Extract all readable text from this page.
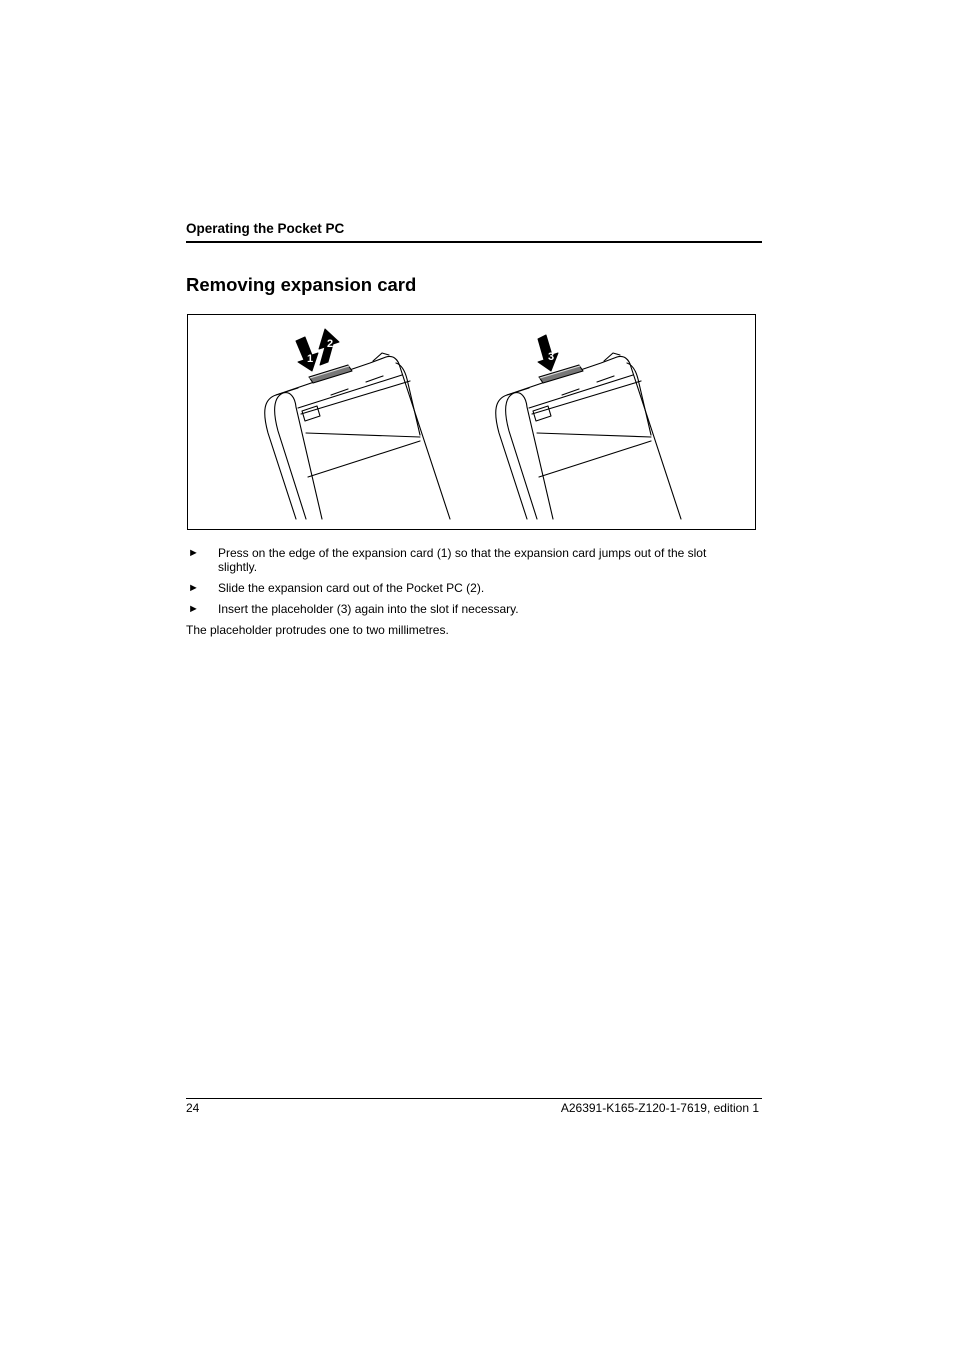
Operating the Pocket PC
Removing expansion card
1
2
3
► Press on the edge of the expansion card (1) so that the expansion card jumps out of the slot slightly.
► Slide the expansion card out of the Pocket PC (2).
► Insert the placeholder (3) again into the slot if necessary.
The placeholder protrudes one to two millimetres.
24	A26391-K165-Z120-1-7619, edition 1
